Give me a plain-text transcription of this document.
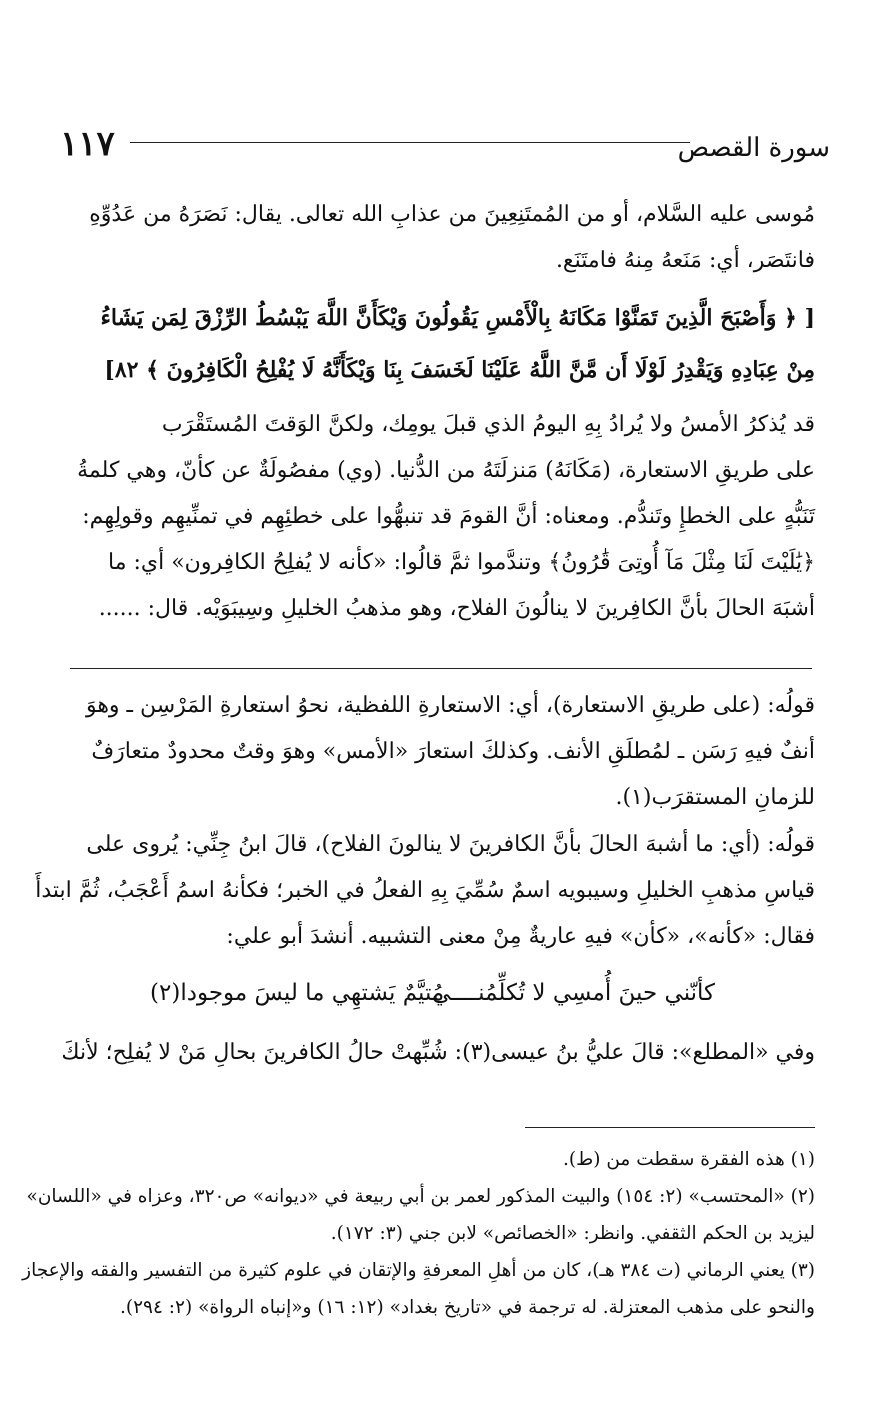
سورة القصص
١١٧
مُوسى عليه السَّلام، أو من المُمتَنِعِينَ من عذابِ الله تعالى. يقال: نَصَرَهُ من عَدُوِّهِ
فانتَصَر، أي: مَنَعهُ مِنهُ فامتَنَع.
[ ﴿ وَأَصْبَحَ الَّذِينَ تَمَنَّوْا مَكَانَهُ بِالْأَمْسِ يَقُولُونَ وَيْكَأَنَّ اللَّهَ يَبْسُطُ الرِّزْقَ لِمَن يَشَاءُ
مِنْ عِبَادِهِ وَيَقْدِرُ لَوْلَا أَن مَّنَّ اللَّهُ عَلَيْنَا لَخَسَفَ بِنَا وَيْكَأَنَّهُ لَا يُفْلِحُ الْكَافِرُونَ ﴾ ٨٢]
قد يُذكرُ الأمسُ ولا يُرادُ بِهِ اليومُ الذي قبلَ يومِك، ولكنَّ الوَقتَ المُستَقْرَب
على طريقِ الاستعارة، (مَكَانَهُ) مَنزلَتَهُ من الدُّنيا. (وي) مفصُولَةٌ عن كأنّ، وهي كلمةُ
تَنَبُّهٍ على الخطإِ وتَندُّم. ومعناه: أنَّ القومَ قد تنبهُّوا على خطئِهِم في تمنِّيهِم وقولِهِم:
﴿يَٰلَيْتَ لَنَا مِثْلَ مَآ أُوتِىَ قَٰرُونُ﴾ وتندَّموا ثمَّ قالُوا: «كأنه لا يُفلِحُ الكافِرون» أي: ما
أشبَهَ الحالَ بأنَّ الكافِرينَ لا ينالُونَ الفلاح، وهو مذهبُ الخليلِ وسِيبَوَيْه. قال: ......
قولُه: (على طريقِ الاستعارة)، أي: الاستعارةِ اللفظية، نحوُ استعارةِ المَرْسِن ـ وهوَ
أنفٌ فيهِ رَسَن ـ لمُطلَقِ الأنف. وكذلكَ استعارَ «الأمس» وهوَ وقتٌ محدودٌ متعارَفٌ
للزمانِ المستقرَب(١).
قولُه: (أي: ما أشبهَ الحالَ بأنَّ الكافرينَ لا ينالونَ الفلاح)، قالَ ابنُ جِنِّي: يُروى على
قياسِ مذهبِ الخليلِ وسيبويه اسمٌ سُمِّيَ بِهِ الفعلُ في الخبر؛ فكأنهُ اسمُ أَعْجَبُ، ثُمَّ ابتدأَ
فقال: «كأنه»، «كأن» فيهِ عاريةٌ مِنْ معنى التشبيه. أنشدَ أبو علي:
كأنّني حينَ أُمسِي لا تُكلِّمُنــــي
مُتيَّمٌ يَشتهِي ما ليسَ موجودا(٢)
وفي «المطلع»: قالَ عليُّ بنُ عيسى(٣): شُبِّهتْ حالُ الكافرينَ بحالِ مَنْ لا يُفلِح؛ لأنكَ
(١) هذه الفقرة سقطت من (ط).
(٢) «المحتسب» (٢: ١٥٤) والبيت المذكور لعمر بن أبي ربيعة في «ديوانه» ص٣٢٠، وعزاه في «اللسان»
ليزيد بن الحكم الثقفي. وانظر: «الخصائص» لابن جني (٣: ١٧٢).
(٣) يعني الرماني (ت ٣٨٤ هـ)، كان من أهلِ المعرفةِ والإتقان في علوم كثيرة من التفسير والفقه والإعجاز
والنحو على مذهب المعتزلة. له ترجمة في «تاريخ بغداد» (١٢: ١٦) و«إنباه الرواة» (٢: ٢٩٤).
